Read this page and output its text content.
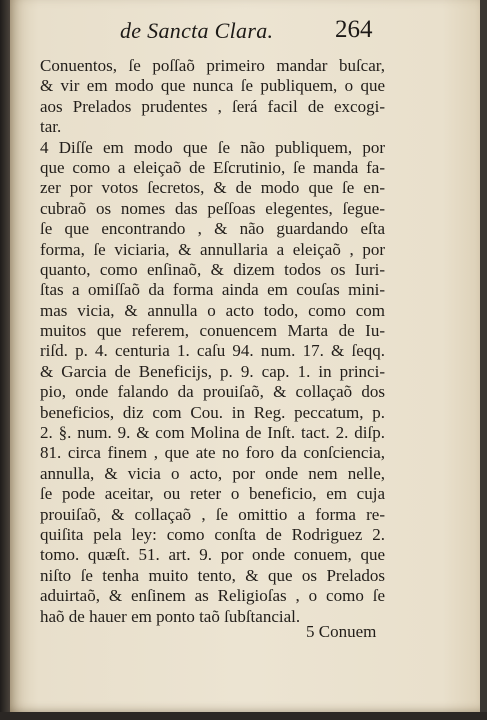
de Sancta Clara. 264
Conuentos, ſe poſſaõ primeiro mandar buſcar,
& vir em modo que nunca ſe publiquem, o que
aos Prelados prudentes , ſerá facil de excogi-
tar.
4 Diſſe em modo que ſe não publiquem, por
que como a eleiçaõ de Eſcrutinio, ſe manda fa-
zer por votos ſecretos, & de modo que ſe en-
cubraõ os nomes das peſſoas elegentes, ſegue-
ſe que encontrando , & não guardando eſta
forma, ſe viciaria, & annullaria a eleiçaõ , por
quanto, como enſinaõ, & dizem todos os Iuri-
ſtas a omiſſaõ da forma ainda em couſas mini-
mas vicia, & annulla o acto todo, como com
muitos que referem, conuencem Marta de Iu-
riſd. p. 4. centuria 1. caſu 94. num. 17. & ſeqq.
& Garcia de Beneficijs, p. 9. cap. 1. in princi-
pio, onde falando da prouiſaõ, & collaçaõ dos
beneficios, diz com Cou. in Reg. peccatum, p.
2. §. num. 9. & com Molina de Inſt. tact. 2. diſp.
81. circa finem , que ate no foro da conſciencia,
annulla, & vicia o acto, por onde nem nelle,
ſe pode aceitar, ou reter o beneficio, em cuja
prouiſaõ, & collaçaõ , ſe omittio a forma re-
quiſita pela ley: como conſta de Rodriguez 2.
tomo. quæſt. 51. art. 9. por onde conuem, que
niſto ſe tenha muito tento, & que os Prelados
aduirtaõ, & enſinem as Religioſas , o como ſe
haõ de hauer em ponto taõ ſubſtancial.
5 Conuem
